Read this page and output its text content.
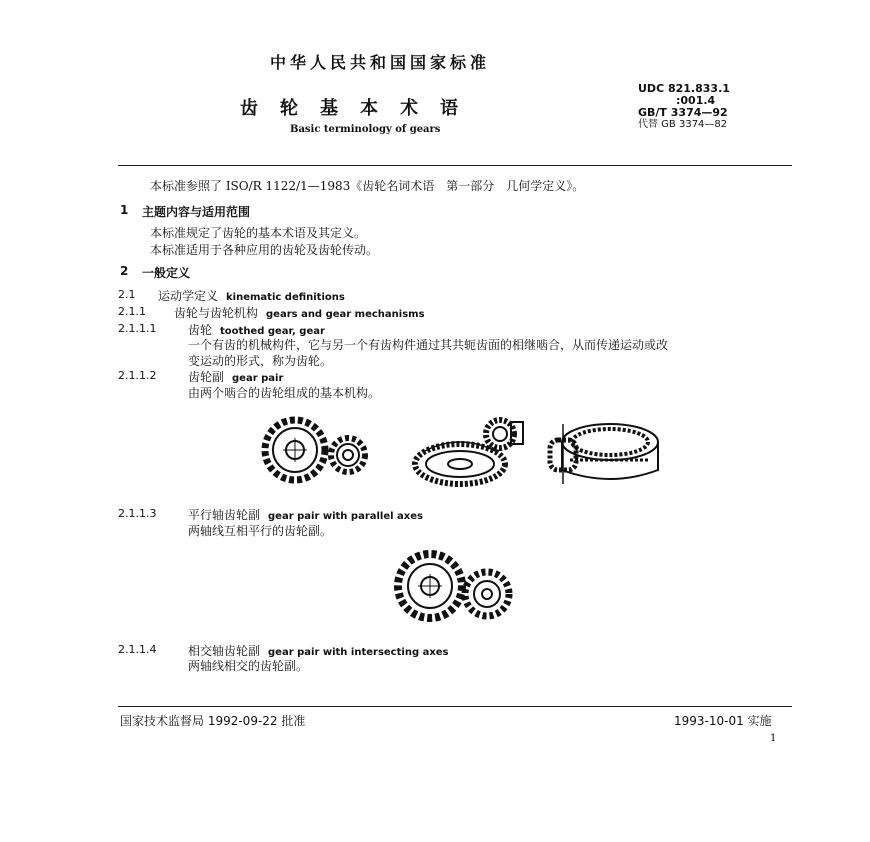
中华人民共和国国家标准
齿轮基本术语
Basic terminology of gears
UDC 821.833.1
:001.4
GB/T 3374—92
代替 GB 3374—82
本标准参照了 ISO/R 1122/1—1983《齿轮名词术语　第一部分　几何学定义》。
1 主题内容与适用范围
本标准规定了齿轮的基本术语及其定义。
本标准适用于各种应用的齿轮及齿轮传动。
2 一般定义
2.1 运动学定义 kinematic definitions
2.1.1 齿轮与齿轮机构 gears and gear mechanisms
2.1.1.1	齿轮 toothed gear, gear
一个有齿的机械构件，它与另一个有齿构件通过其共轭齿面的相继啮合，从而传递运动或改
变运动的形式，称为齿轮。
2.1.1.2	齿轮副 gear pair
由两个啮合的齿轮组成的基本机构。
2.1.1.3	平行轴齿轮副 gear pair with parallel axes
两轴线互相平行的齿轮副。
2.1.1.4	相交轴齿轮副 gear pair with intersecting axes
两轴线相交的齿轮副。
国家技术监督局 1992-09-22 批准	1993-10-01 实施
1
